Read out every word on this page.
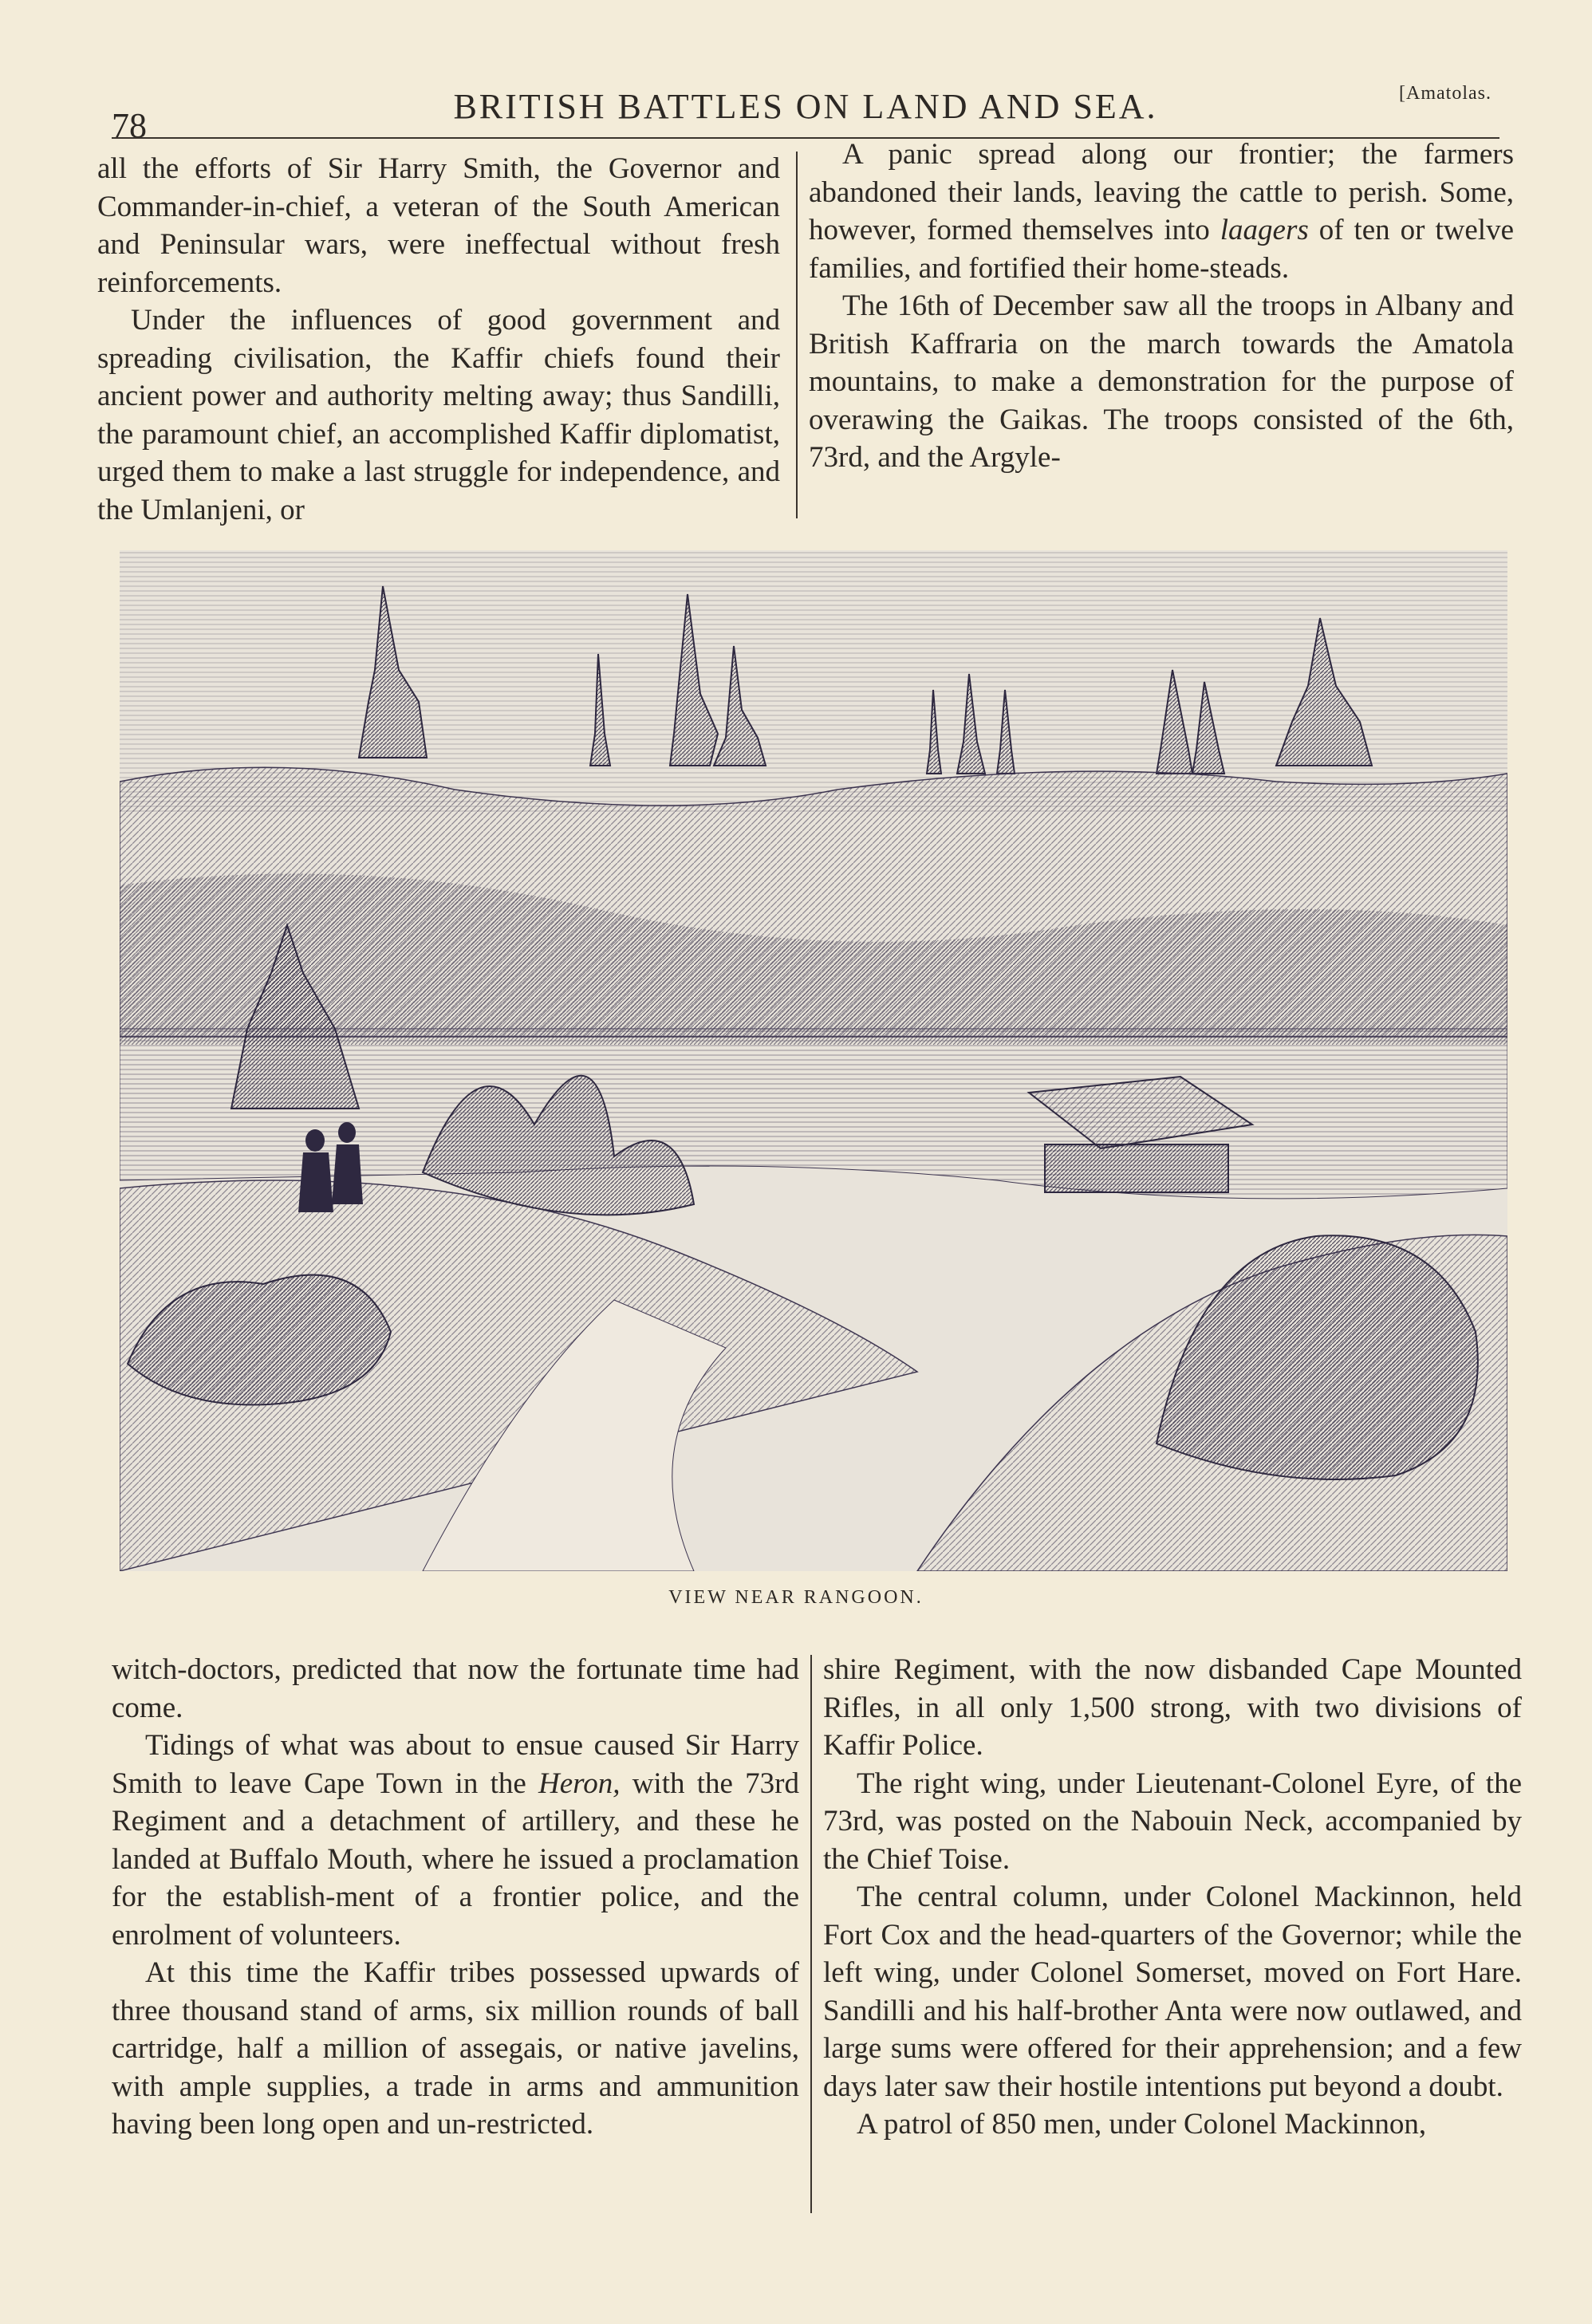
78	BRITISH BATTLES ON LAND AND SEA.	[Amatolas.

all the efforts of Sir Harry Smith, the Governor and Commander-in-chief, a veteran of the South American and Peninsular wars, were ineffectual without fresh reinforcements.

Under the influences of good government and spreading civilisation, the Kaffir chiefs found their ancient power and authority melting away; thus Sandilli, the paramount chief, an accomplished Kaffir diplomatist, urged them to make a last struggle for independence, and the Umlanjeni, or

A panic spread along our frontier; the farmers abandoned their lands, leaving the cattle to perish. Some, however, formed themselves into laagers of ten or twelve families, and fortified their home-steads.

The 16th of December saw all the troops in Albany and British Kaffraria on the march towards the Amatola mountains, to make a demonstration for the purpose of overawing the Gaikas. The troops consisted of the 6th, 73rd, and the Argyle-

VIEW NEAR RANGOON.

witch-doctors, predicted that now the fortunate time had come.

Tidings of what was about to ensue caused Sir Harry Smith to leave Cape Town in the Heron, with the 73rd Regiment and a detachment of artillery, and these he landed at Buffalo Mouth, where he issued a proclamation for the establish-ment of a frontier police, and the enrolment of volunteers.

At this time the Kaffir tribes possessed upwards of three thousand stand of arms, six million rounds of ball cartridge, half a million of assegais, or native javelins, with ample supplies, a trade in arms and ammunition having been long open and un-restricted.

shire Regiment, with the now disbanded Cape Mounted Rifles, in all only 1,500 strong, with two divisions of Kaffir Police.

The right wing, under Lieutenant-Colonel Eyre, of the 73rd, was posted on the Nabouin Neck, accompanied by the Chief Toise.

The central column, under Colonel Mackinnon, held Fort Cox and the head-quarters of the Governor; while the left wing, under Colonel Somerset, moved on Fort Hare. Sandilli and his half-brother Anta were now outlawed, and large sums were offered for their apprehension; and a few days later saw their hostile intentions put beyond a doubt.

A patrol of 850 men, under Colonel Mackinnon,
